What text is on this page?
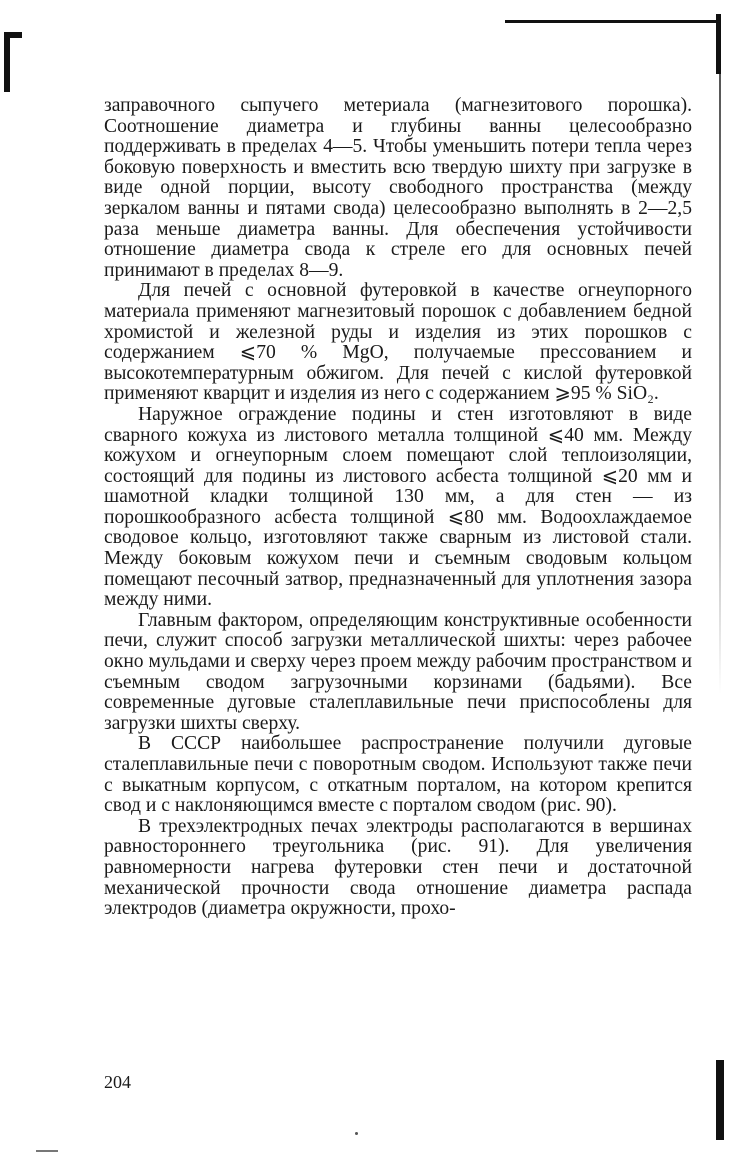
заправочного сыпучего метериала (магнезитового порошка). Соотношение диаметра и глубины ванны целесообразно поддерживать в пределах 4—5. Чтобы уменьшить потери тепла через боковую поверхность и вместить всю твердую шихту при загрузке в виде одной порции, высоту свободного пространства (между зеркалом ванны и пятами свода) целесообразно выполнять в 2—2,5 раза меньше диаметра ванны. Для обеспечения устойчивости отношение диаметра свода к стреле его для основных печей принимают в пределах 8—9.

Для печей с основной футеровкой в качестве огнеупорного материала применяют магнезитовый порошок с добавлением бедной хромистой и железной руды и изделия из этих порошков с содержанием ⩽70 % MgO, получаемые прессованием и высокотемпературным обжигом. Для печей с кислой футеровкой применяют кварцит и изделия из него с содержанием ⩾95 % SiO₂.

Наружное ограждение подины и стен изготовляют в виде сварного кожуха из листового металла толщиной ⩽40 мм. Между кожухом и огнеупорным слоем помещают слой теплоизоляции, состоящий для подины из листового асбеста толщиной ⩽20 мм и шамотной кладки толщиной 130 мм, а для стен — из порошкообразного асбеста толщиной ⩽80 мм. Водоохлаждаемое сводовое кольцо, изготовляют также сварным из листовой стали. Между боковым кожухом печи и съемным сводовым кольцом помещают песочный затвор, предназначенный для уплотнения зазора между ними.

Главным фактором, определяющим конструктивные особенности печи, служит способ загрузки металлической шихты: через рабочее окно мульдами и сверху через проем между рабочим пространством и съемным сводом загрузочными корзинами (бадьями). Все современные дуговые сталеплавильные печи приспособлены для загрузки шихты сверху.

В СССР наибольшее распространение получили дуговые сталеплавильные печи с поворотным сводом. Используют также печи с выкатным корпусом, с откатным порталом, на котором крепится свод и с наклоняющимся вместе с порталом сводом (рис. 90).

В трехэлектродных печах электроды располагаются в вершинах равностороннего треугольника (рис. 91). Для увеличения равномерности нагрева футеровки стен печи и достаточной механической прочности свода отношение диаметра распада электродов (диаметра окружности, прохо-

204
